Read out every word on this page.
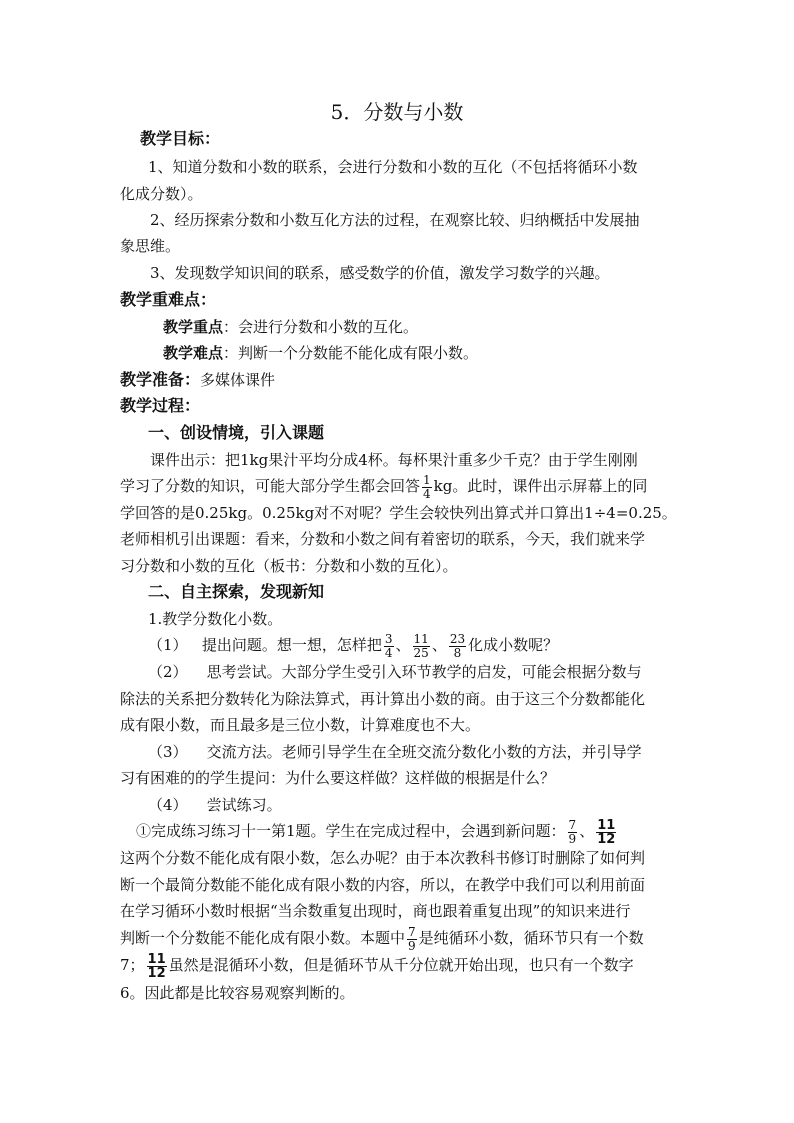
5．分数与小数
教学目标：
1、知道分数和小数的联系，会进行分数和小数的互化（不包括将循环小数
化成分数）。
2、经历探索分数和小数互化方法的过程，在观察比较、归纳概括中发展抽
象思维。
3、发现数学知识间的联系，感受数学的价值，激发学习数学的兴趣。
教学重难点：
教学重点：会进行分数和小数的互化。
教学难点：判断一个分数能不能化成有限小数。
教学准备：多媒体课件
教学过程：
一、创设情境，引入课题
课件出示：把1kg果汁平均分成4杯。每杯果汁重多少千克？由于学生刚刚
学习了分数的知识，可能大部分学生都会回答 $\frac{1}{4}$ kg。此时，课件出示屏幕上的同
学回答的是0.25kg。0.25kg对不对呢？学生会较快列出算式并口算出1÷4=0.25。
老师相机引出课题：看来，分数和小数之间有着密切的联系，今天，我们就来学
习分数和小数的互化（板书：分数和小数的互化）。
二、自主探索，发现新知
1.教学分数化小数。
（1） 提出问题。想一想，怎样把 $\frac{3}{4}$ 、 $\frac{11}{25}$ 、 $\frac{23}{8}$ 化成小数呢？
（2） 思考尝试。大部分学生受引入环节教学的启发，可能会根据分数与
除法的关系把分数转化为除法算式，再计算出小数的商。由于这三个分数都能化
成有限小数，而且最多是三位小数，计算难度也不大。
（3） 交流方法。老师引导学生在全班交流分数化小数的方法，并引导学
习有困难的的学生提问：为什么要这样做？这样做的根据是什么？
（4） 尝试练习。
①完成练习练习十一第1题。学生在完成过程中，会遇到新问题： $\frac{7}{9}$ 、 $\frac{11}{12}$
这两个分数不能化成有限小数，怎么办呢？由于本次教科书修订时删除了如何判
断一个最简分数能不能化成有限小数的内容，所以，在教学中我们可以利用前面
在学习循环小数时根据“当余数重复出现时，商也跟着重复出现”的知识来进行
判断一个分数能不能化成有限小数。本题中 $\frac{7}{9}$ 是纯循环小数，循环节只有一个数
7； $\frac{11}{12}$ 虽然是混循环小数，但是循环节从千分位就开始出现，也只有一个数字
6。因此都是比较容易观察判断的。
